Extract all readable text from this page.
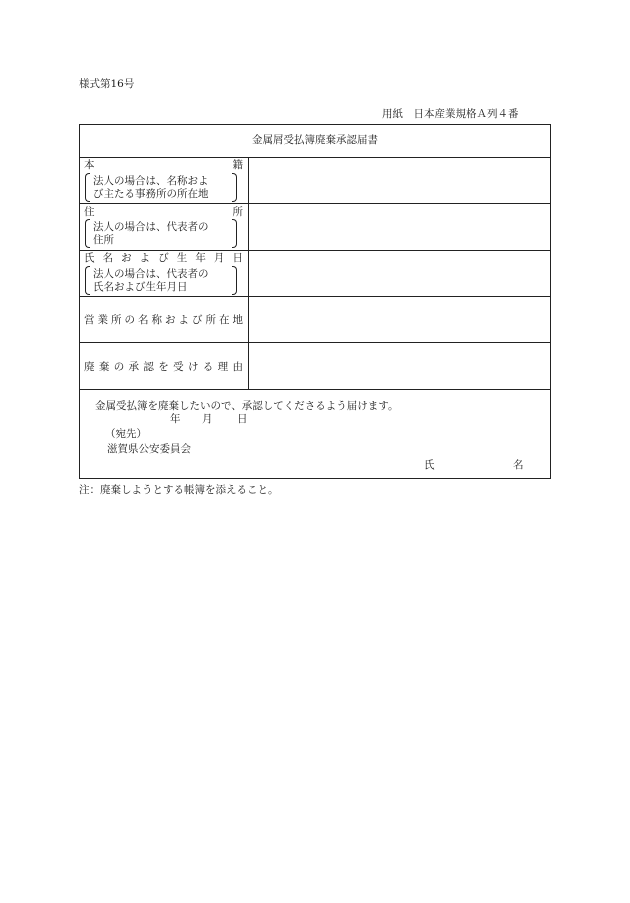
様式第16号
用紙　日本産業規格Ａ列４番
金属屑受払簿廃棄承認届書
本籍
法人の場合は、名称およ
び主たる事務所の所在地
住所
法人の場合は、代表者の
住所
氏名および生年月日
法人の場合は、代表者の
氏名および生年月日
営業所の名称および所在地
廃棄の承認を受ける理由
金属受払簿を廃棄したいので、承認してくださるよう届けます。
年 月 日
（宛先）
滋賀県公安委員会
氏	名
注：廃棄しようとする帳簿を添えること。
